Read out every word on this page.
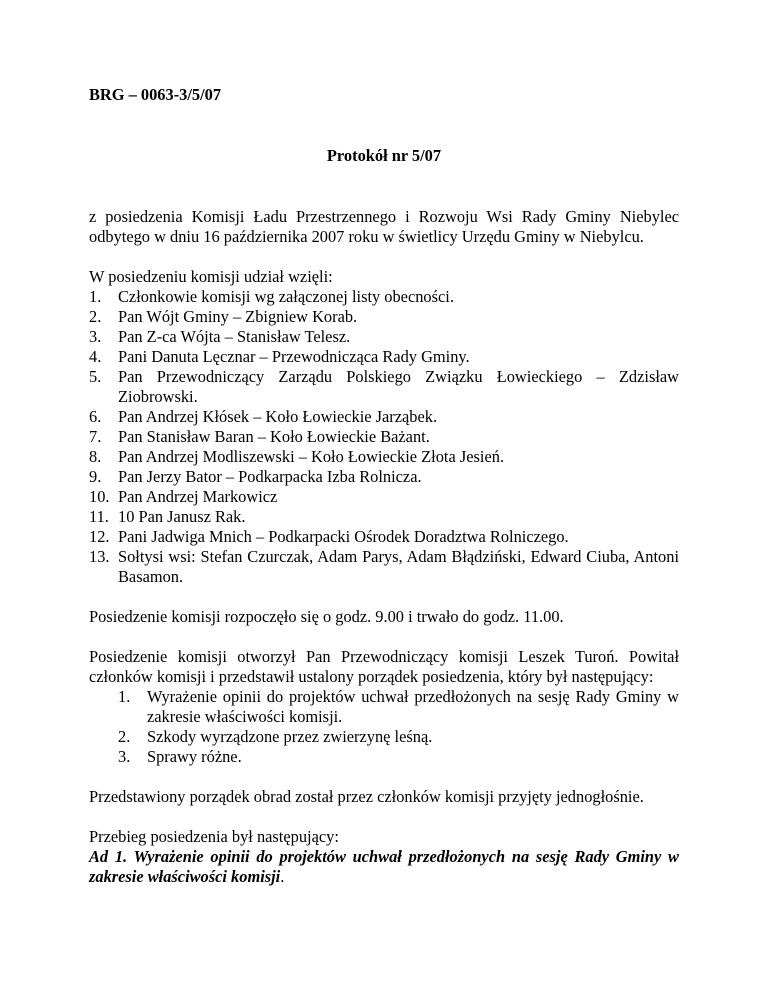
BRG – 0063-3/5/07

Protokół nr 5/07

z posiedzenia Komisji Ładu Przestrzennego i Rozwoju Wsi Rady Gminy Niebylec odbytego w dniu 16 października 2007 roku w świetlicy Urzędu Gminy w Niebylcu.

W posiedzeniu komisji udział wzięli:

1.	Członkowie komisji wg załączonej listy obecności.
2.	Pan Wójt Gminy – Zbigniew Korab.
3.	Pan Z-ca Wójta – Stanisław Telesz.
4.	Pani Danuta Lęcznar – Przewodnicząca Rady Gminy.
5.	Pan Przewodniczący Zarządu Polskiego Związku Łowieckiego – Zdzisław Ziobrowski.
6.	Pan Andrzej Kłósek – Koło Łowieckie Jarząbek.
7.	Pan Stanisław Baran – Koło Łowieckie Bażant.
8.	Pan Andrzej Modliszewski – Koło Łowieckie Złota Jesień.
9.	Pan Jerzy Bator – Podkarpacka Izba Rolnicza.
10. Pan Andrzej Markowicz
11. 10 Pan Janusz Rak.
12. Pani Jadwiga Mnich – Podkarpacki Ośrodek Doradztwa Rolniczego.
13. Sołtysi wsi: Stefan Czurczak, Adam Parys, Adam Błądziński, Edward Ciuba, Antoni Basamon.

Posiedzenie komisji rozpoczęło się o godz. 9.00 i trwało do godz. 11.00.

Posiedzenie komisji otworzył Pan Przewodniczący komisji Leszek Turoń. Powitał członków komisji i przedstawił ustalony porządek posiedzenia, który był następujący:

1.	Wyrażenie opinii do projektów uchwał przedłożonych na sesję Rady Gminy w zakresie właściwości komisji.
2.	Szkody wyrządzone przez zwierzynę leśną.
3.	Sprawy różne.

Przedstawiony porządek obrad został przez członków komisji przyjęty jednogłośnie.

Przebieg posiedzenia był następujący:

Ad 1. Wyrażenie opinii do projektów uchwał przedłożonych na sesję Rady Gminy w zakresie właściwości komisji.
